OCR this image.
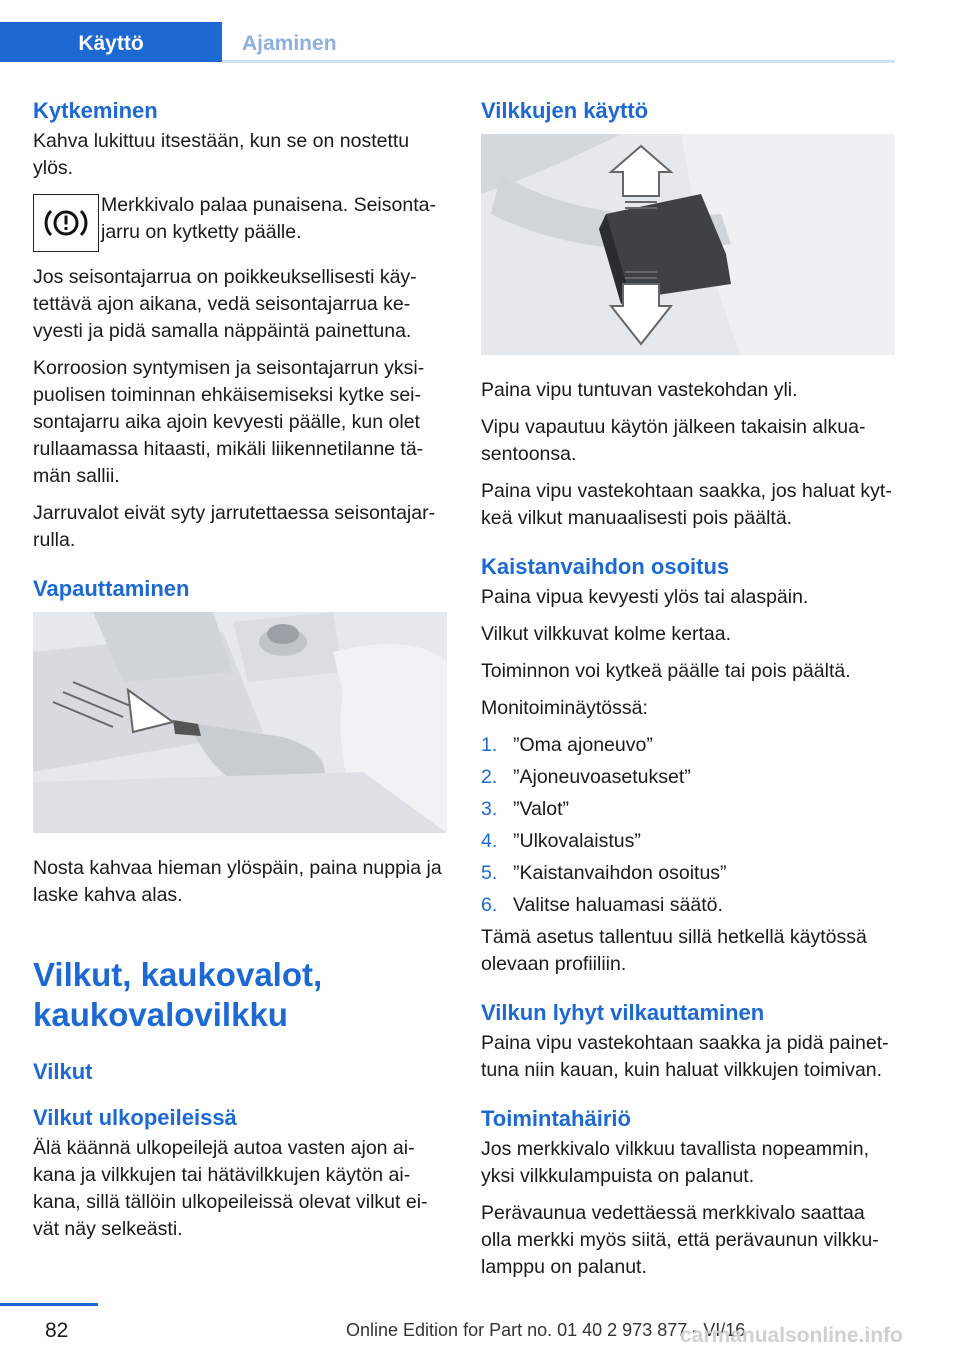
Käyttö	Ajaminen
Kytkeminen

Kahva lukittuu itsestään, kun se on nostettu ylös.

Merkkivalo palaa punaisena. Seisonta‐jarru on kytketty päälle.

Jos seisontajarrua on poikkeuksellisesti käy‐tettävä ajon aikana, vedä seisontajarrua ke‐vyesti ja pidä samalla näppäintä painettuna.

Korroosion syntymisen ja seisontajarrun yksi‐puolisen toiminnan ehkäisemiseksi kytke sei‐sontajarru aika ajoin kevyesti päälle, kun olet rullaamassa hitaasti, mikäli liikennetilanne tä‐män sallii.

Jarruvalot eivät syty jarrutettaessa seisontajar‐rulla.

Vapauttaminen

Nosta kahvaa hieman ylöspäin, paina nuppia ja laske kahva alas.

Vilkut, kaukovalot, kaukovalovilkku
Vilkut
Vilkut ulkopeileissä

Älä käännä ulkopeilejä autoa vasten ajon ai‐kana ja vilkkujen tai hätävilkkujen käytön ai‐kana, sillä tällöin ulkopeileissä olevat vilkut ei‐vät näy selkeästi.

Vilkkujen käyttö

Paina vipu tuntuvan vastekohdan yli.

Vipu vapautuu käytön jälkeen takaisin alkua‐sentoonsa.

Paina vipu vastekohtaan saakka, jos haluat kyt‐keä vilkut manuaalisesti pois päältä.

Kaistanvaihdon osoitus

Paina vipua kevyesti ylös tai alaspäin.

Vilkut vilkkuvat kolme kertaa.

Toiminnon voi kytkeä päälle tai pois päältä.

Monitoiminäytössä:

1. ”Oma ajoneuvo”
2. ”Ajoneuvoasetukset”
3. ”Valot”
4. ”Ulkovalaistus”
5. ”Kaistanvaihdon osoitus”
6. Valitse haluamasi säätö.

Tämä asetus tallentuu sillä hetkellä käytössä olevaan profiiliin.

Vilkun lyhyt vilkauttaminen

Paina vipu vastekohtaan saakka ja pidä painet‐tuna niin kauan, kuin haluat vilkkujen toimivan.

Toimintahäiriö

Jos merkkivalo vilkkuu tavallista nopeammin, yksi vilkkulampuista on palanut.

Perävaunua vedettäessä merkkivalo saattaa olla merkki myös siitä, että perävaunun vilkku‐lamppu on palanut.

82	Online Edition for Part no. 01 40 2 973 877 - VI/16
carmanualsonline.info
